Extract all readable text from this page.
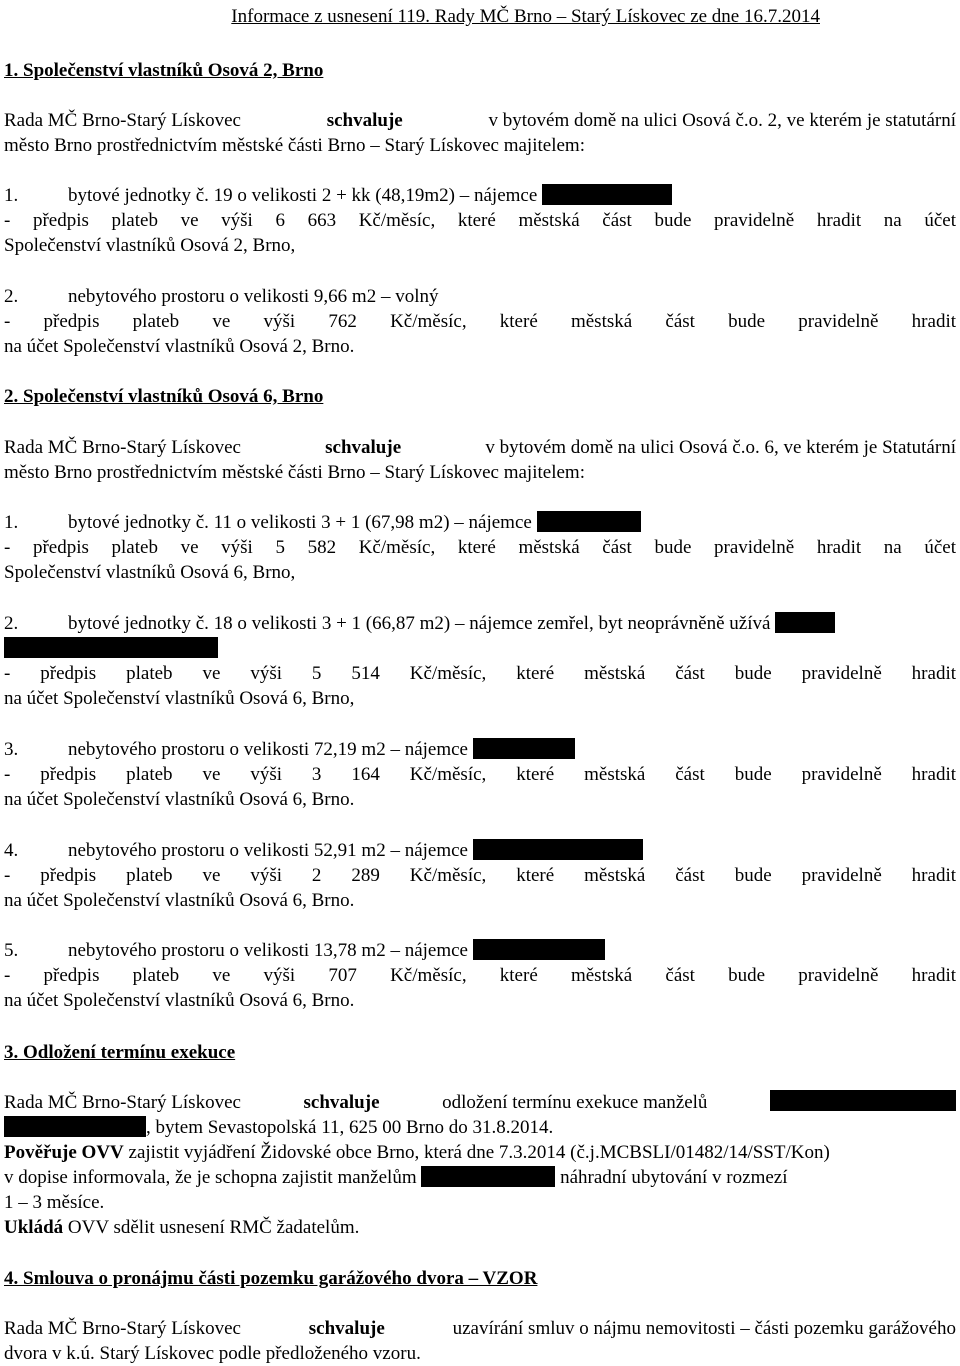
Informace z usnesení 119. Rady MČ Brno – Starý Lískovec ze dne 16.7.2014
1. Společenství vlastníků Osová 2, Brno
Rada MČ Brno-Starý Lískovec	schvaluje	v bytovém domě na ulici Osová č.o. 2, ve kterém je statutární
město Brno prostřednictvím městské části Brno – Starý Lískovec majitelem:
1.	bytové jednotky č. 19 o velikosti 2 + kk (48,19m2) – nájemce
- předpis plateb ve výši 6 663 Kč/měsíc, které městská část bude pravidelně hradit na účet
Společenství vlastníků Osová 2, Brno,
2.	nebytového prostoru o velikosti 9,66 m2 – volný
- předpis plateb ve výši 762 Kč/měsíc, které městská část bude pravidelně hradit
na účet Společenství vlastníků Osová 2, Brno.
2. Společenství vlastníků Osová 6, Brno
Rada MČ Brno-Starý Lískovec	schvaluje	v bytovém domě na ulici Osová č.o. 6, ve kterém je Statutární
město Brno prostřednictvím městské části Brno – Starý Lískovec majitelem:
1.	bytové jednotky č. 11 o velikosti 3 + 1 (67,98 m2) – nájemce
- předpis plateb ve výši 5 582 Kč/měsíc, které městská část bude pravidelně hradit na účet
Společenství vlastníků Osová 6, Brno,
2.	bytové jednotky č. 18 o velikosti 3 + 1 (66,87 m2) – nájemce zemřel, byt neoprávněně užívá
- předpis plateb ve výši 5 514 Kč/měsíc, které městská část bude pravidelně hradit
na účet Společenství vlastníků Osová 6, Brno,
3.	nebytového prostoru o velikosti 72,19 m2 – nájemce
- předpis plateb ve výši 3 164 Kč/měsíc, které městská část bude pravidelně hradit
na účet Společenství vlastníků Osová 6, Brno.
4.	nebytového prostoru o velikosti 52,91 m2 – nájemce
- předpis plateb ve výši 2 289 Kč/měsíc, které městská část bude pravidelně hradit
na účet Společenství vlastníků Osová 6, Brno.
5.	nebytového prostoru o velikosti 13,78 m2 – nájemce
- předpis plateb ve výši 707 Kč/měsíc, které městská část bude pravidelně hradit
na účet Společenství vlastníků Osová 6, Brno.
3. Odložení termínu exekuce
Rada MČ Brno-Starý Lískovec	schvaluje	odložení termínu exekuce manželů
, bytem Sevastopolská 11, 625 00 Brno do 31.8.2014.
Pověřuje OVV zajistit vyjádření Židovské obce Brno, která dne 7.3.2014 (č.j.MCBSLI/01482/14/SST/Kon)
v dopise informovala, že je schopna zajistit manželům	náhradní ubytování v rozmezí
1 – 3 měsíce.
Ukládá OVV sdělit usnesení RMČ žadatelům.
4. Smlouva o pronájmu části pozemku garážového dvora – VZOR
Rada MČ Brno-Starý Lískovec	schvaluje	uzavírání smluv o nájmu nemovitosti – části pozemku garážového
dvora v k.ú. Starý Lískovec podle předloženého vzoru.
